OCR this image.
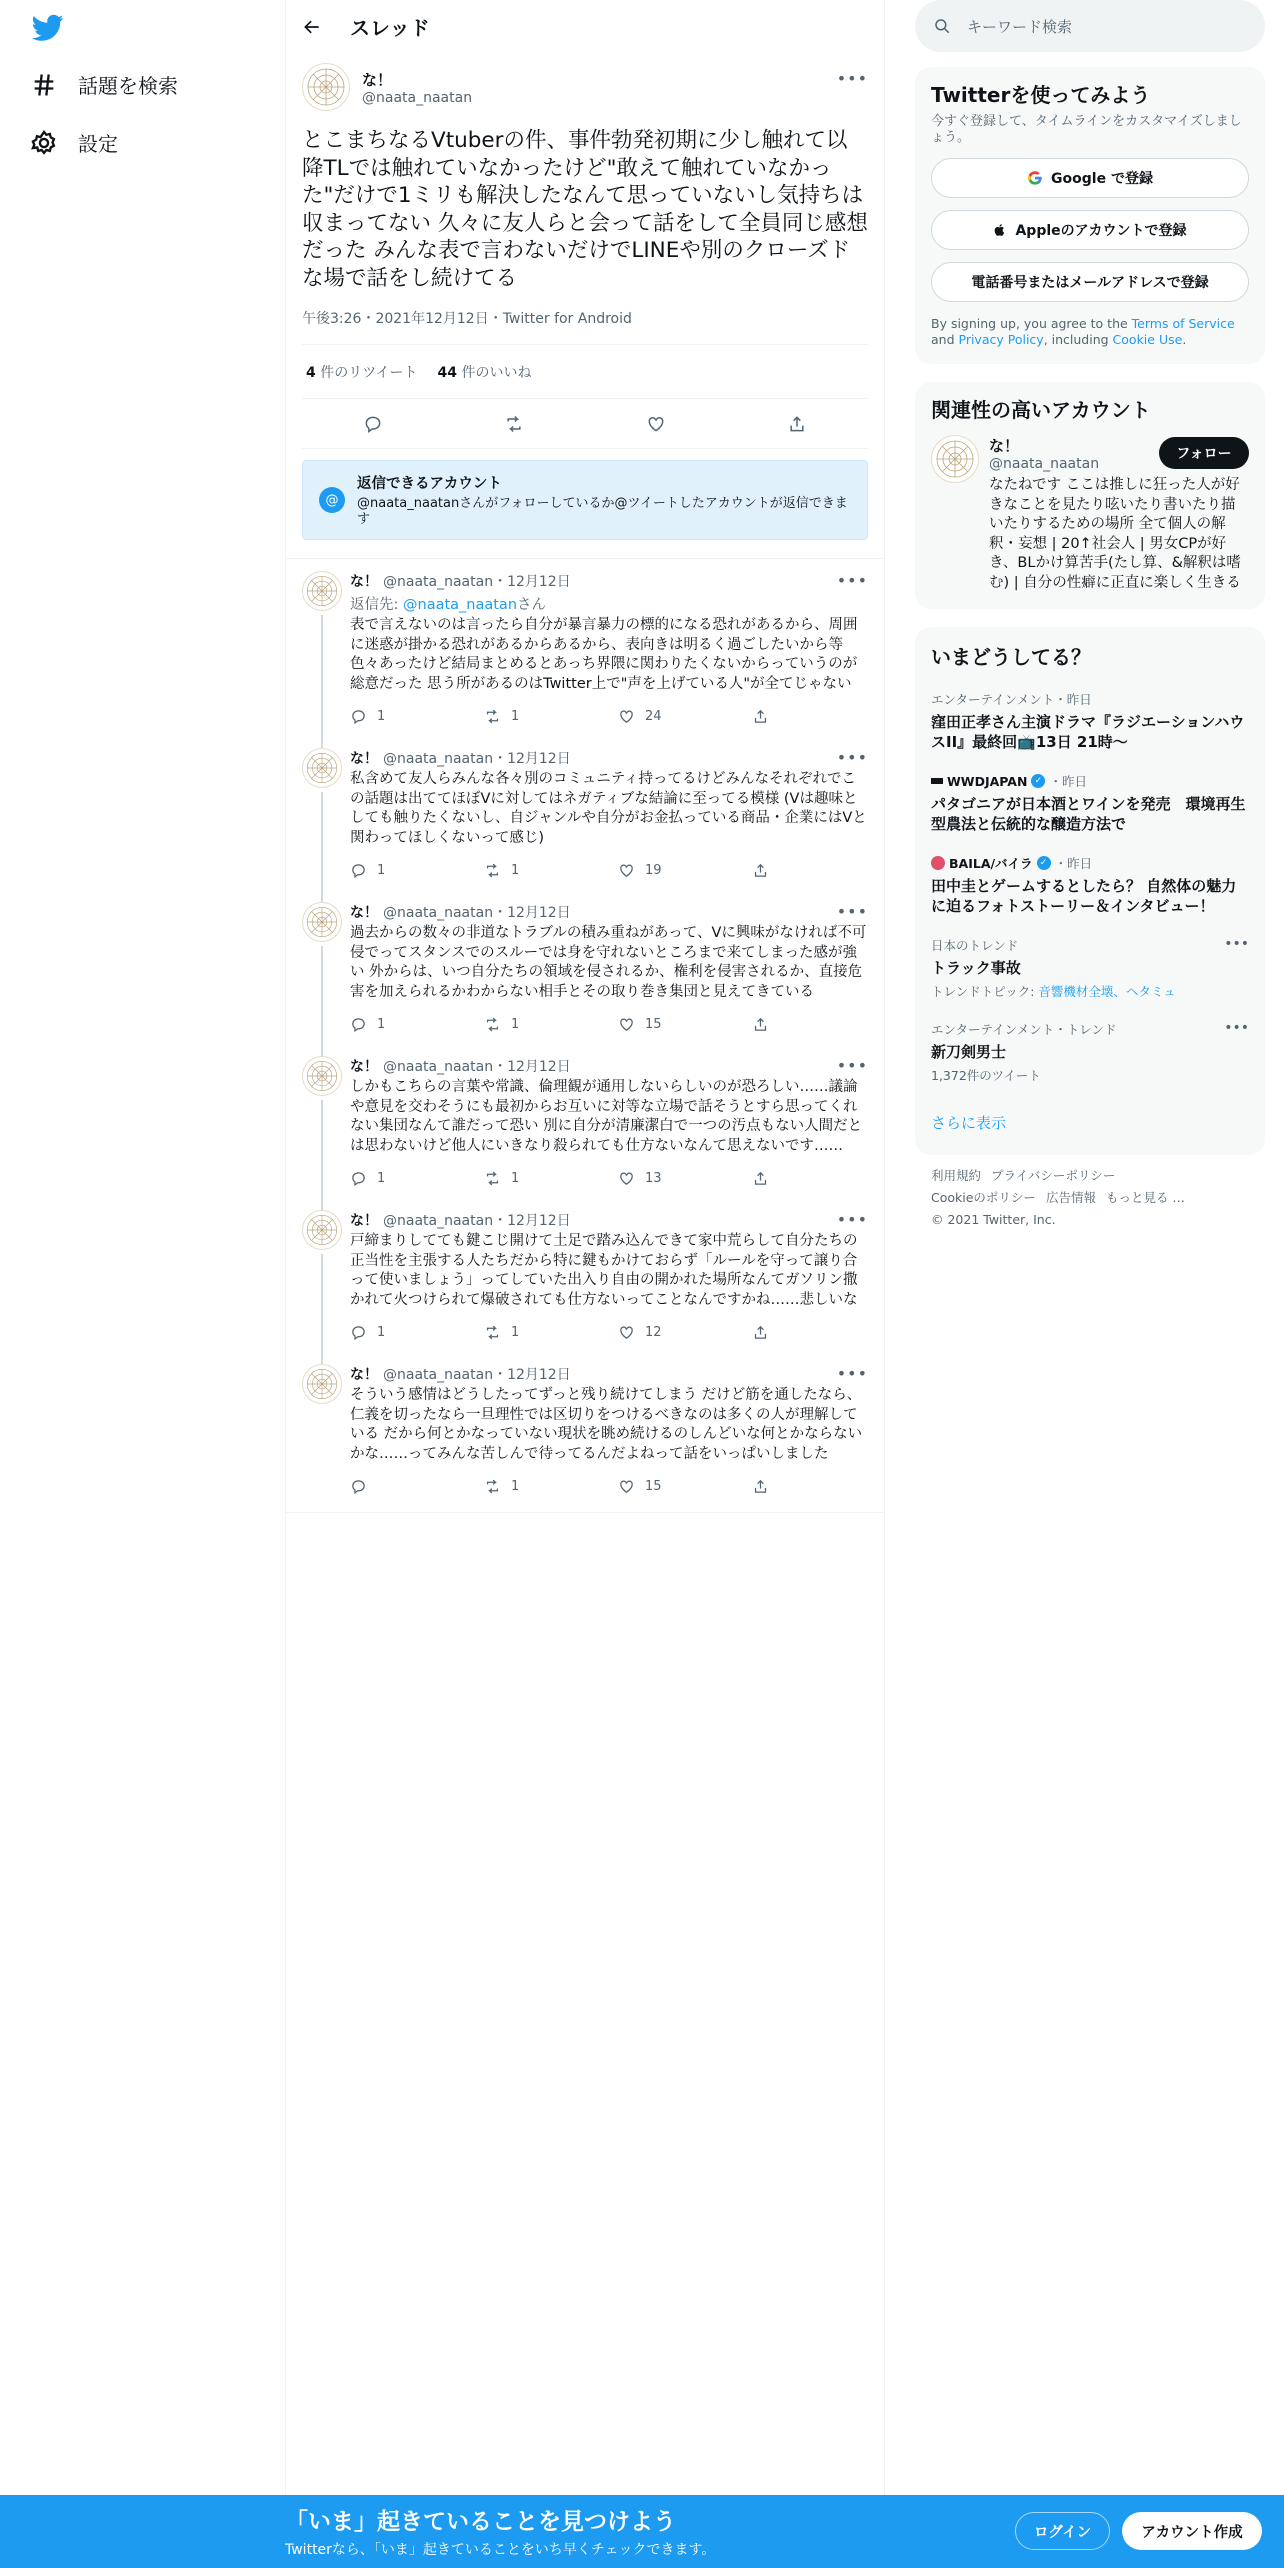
話題を検索
設定
スレッド
な！
@naata_naatan
•••
とこまちなるVtuberの件、事件勃発初期に少し触れて以降TLでは触れていなかったけど"敢えて触れていなかった"だけで1ミリも解決したなんて思っていないし気持ちは収まってない 久々に友人らと会って話をして全員同じ感想だった みんな表で言わないだけでLINEや別のクローズドな場で話をし続けてる
午後3:26・2021年12月12日・Twitter for Android
4 件のリツイート 44 件のいいね
@
返信できるアカウント
@naata_naatanさんがフォローしているか@ツイートしたアカウントが返信できます
な！ @naata_naatan・12月12日	•••
返信先: @naata_naatanさん
表で言えないのは言ったら自分が暴言暴力の標的になる恐れがあるから、周囲に迷惑が掛かる恐れがあるからあるから、表向きは明るく過ごしたいから等色々あったけど結局まとめるとあっち界隈に関わりたくないからっていうのが総意だった 思う所があるのはTwitter上で"声を上げている人"が全てじゃない
1	1	24
な！ @naata_naatan・12月12日	•••
私含めて友人らみんな各々別のコミュニティ持ってるけどみんなそれぞれでこの話題は出ててほぼVに対してはネガティブな結論に至ってる模様 (Vは趣味としても触りたくないし、自ジャンルや自分がお金払っている商品・企業にはVと関わってほしくないって感じ)
1	1	19
な！ @naata_naatan・12月12日	•••
過去からの数々の非道なトラブルの積み重ねがあって、Vに興味がなければ不可侵でってスタンスでのスルーでは身を守れないところまで来てしまった感が強い 外からは、いつ自分たちの領域を侵されるか、権利を侵害されるか、直接危害を加えられるかわからない相手とその取り巻き集団と見えてきている
1	1	15
な！ @naata_naatan・12月12日	•••
しかもこちらの言葉や常識、倫理観が通用しないらしいのが恐ろしい……議論や意見を交わそうにも最初からお互いに対等な立場で話そうとすら思ってくれない集団なんて誰だって恐い 別に自分が清廉潔白で一つの汚点もない人間だとは思わないけど他人にいきなり殺られても仕方ないなんて思えないです……
1	1	13
な！ @naata_naatan・12月12日	•••
戸締まりしてても鍵こじ開けて土足で踏み込んできて家中荒らして自分たちの正当性を主張する人たちだから特に鍵もかけておらず「ルールを守って譲り合って使いましょう」ってしていた出入り自由の開かれた場所なんてガソリン撒かれて火つけられて爆破されても仕方ないってことなんですかね……悲しいな
1	1	12
な！ @naata_naatan・12月12日	•••
そういう感情はどうしたってずっと残り続けてしまう だけど筋を通したなら、仁義を切ったなら一旦理性では区切りをつけるべきなのは多くの人が理解している だから何とかなっていない現状を眺め続けるのしんどいな何とかならないかな……ってみんな苦しんで待ってるんだよねって話をいっぱいしました
1	15
キーワード検索
Twitterを使ってみよう
今すぐ登録して、タイムラインをカスタマイズしましょう。
Google で登録
Appleのアカウントで登録
電話番号またはメールアドレスで登録
By signing up, you agree to the Terms of Service and Privacy Policy, including Cookie Use.
関連性の高いアカウント
な！
@naata_naatan
なたねです ここは推しに狂った人が好きなことを見たり呟いたり書いたり描いたりするための場所 全て個人の解釈・妄想 | 20↑社会人 | 男女CPが好き、BLかけ算苦手(たし算、&解釈は嗜む) | 自分の性癖に正直に楽しく生きる
フォロー
いまどうしてる？
エンターテインメント・昨日
窪田正孝さん主演ドラマ『ラジエーションハウスII』最終回📺13日 21時〜
WWDJAPAN ✓ ・昨日
パタゴニアが日本酒とワインを発売　環境再生型農法と伝統的な醸造方法で
BAILA/バイラ ✓ ・昨日
田中圭とゲームするとしたら？ 自然体の魅力に迫るフォトストーリー＆インタビュー！
•••
日本のトレンド
トラック事故
トレンドトピック: 音響機材全壊、ヘタミュ
•••
エンターテインメント・トレンド
新刀剣男士
1,372件のツイート
さらに表示
利用規約 プライバシーポリシー
Cookieのポリシー 広告情報 もっと見る …
© 2021 Twitter, Inc.
「いま」起きていることを見つけよう
Twitterなら、「いま」起きていることをいち早くチェックできます。
ログイン	アカウント作成
